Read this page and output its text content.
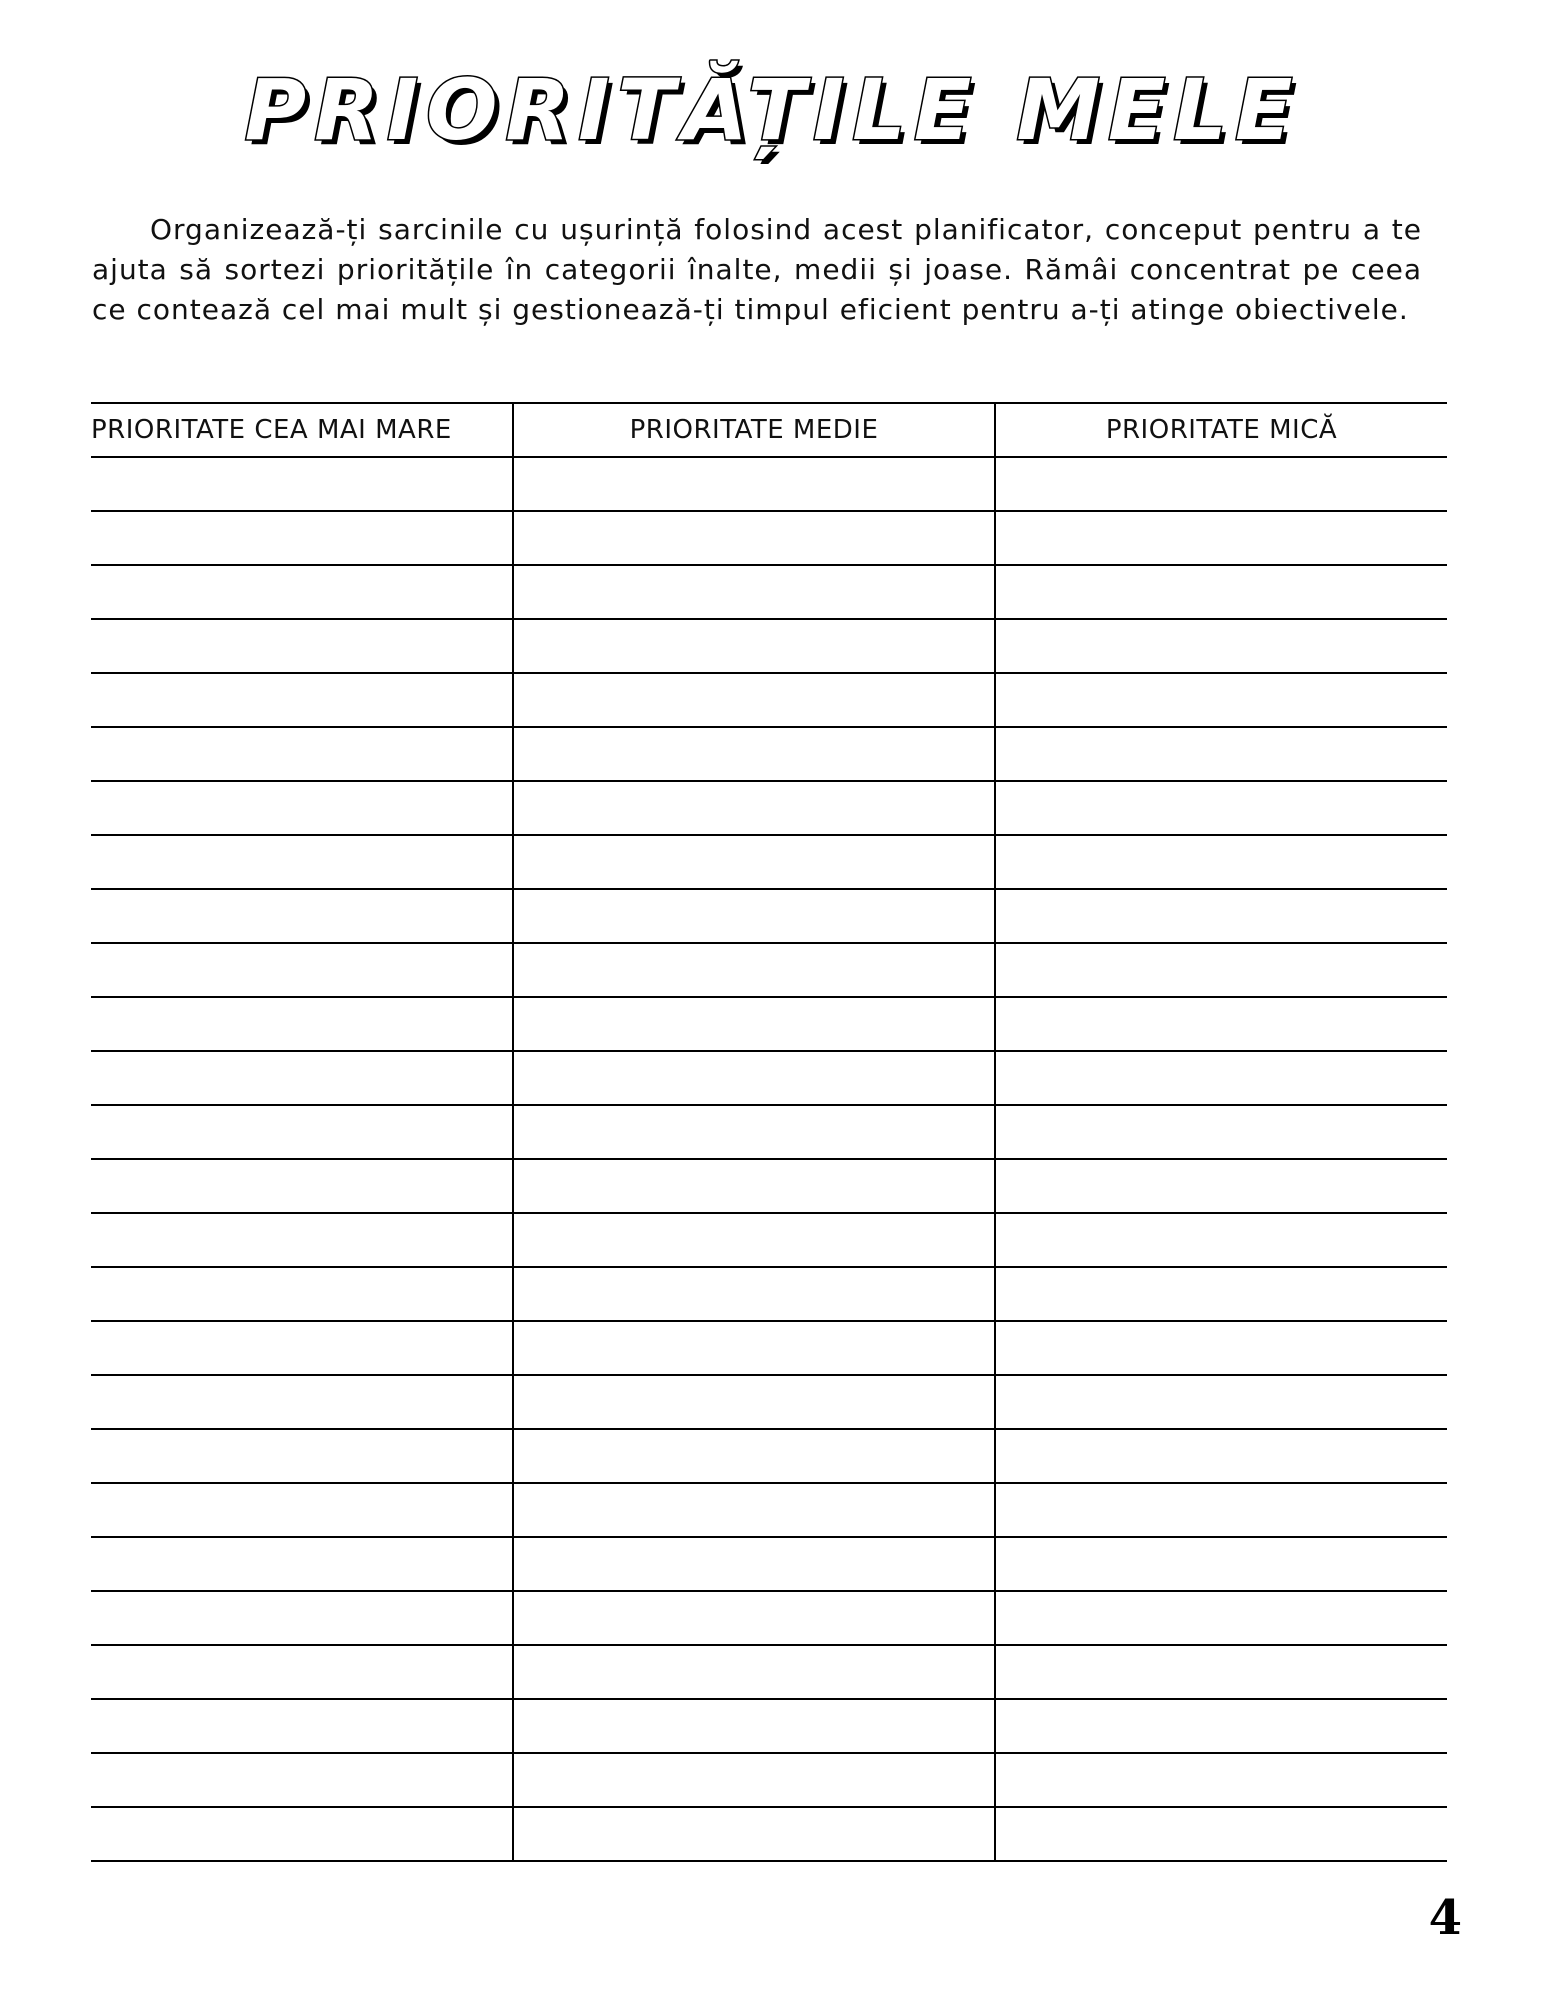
PRIORITĂȚILE MELE

Organizează-ți sarcinile cu ușurință folosind acest planificator, conceput pentru a te ajuta să sortezi prioritățile în categorii înalte, medii și joase. Rămâi concentrat pe ceea ce contează cel mai mult și gestionează-ți timpul eficient pentru a-ți atinge obiectivele.

PRIORITATE CEA MAI MARE	PRIORITATE MEDIE	PRIORITATE MICĂ

4
